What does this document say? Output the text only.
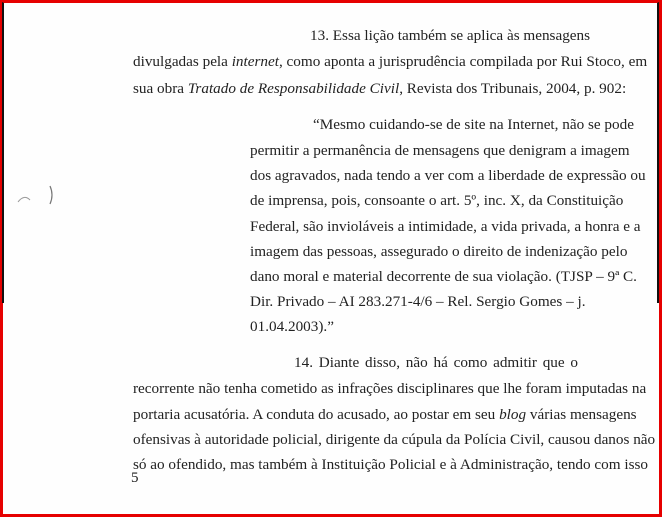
13. Essa lição também se aplica às mensagens
divulgadas pela internet, como aponta a jurisprudência compilada por Rui Stoco, em
sua obra Tratado de Responsabilidade Civil, Revista dos Tribunais, 2004, p. 902:
“Mesmo cuidando-se de site na Internet, não se pode
permitir a permanência de mensagens que denigram a imagem
dos agravados, nada tendo a ver com a liberdade de expressão ou
de imprensa, pois, consoante o art. 5º, inc. X, da Constituição
Federal, são invioláveis a intimidade, a vida privada, a honra e a
imagem das pessoas, assegurado o direito de indenização pelo
dano moral e material decorrente de sua violação. (TJSP – 9ª C.
Dir. Privado – AI 283.271-4/6 – Rel. Sergio Gomes – j.
01.04.2003).”
14. Diante disso, não há como admitir que o
recorrente não tenha cometido as infrações disciplinares que lhe foram imputadas na
portaria acusatória. A conduta do acusado, ao postar em seu blog várias mensagens
ofensivas à autoridade policial, dirigente da cúpula da Polícia Civil, causou danos não
só ao ofendido, mas também à Instituição Policial e à Administração, tendo com isso
5
